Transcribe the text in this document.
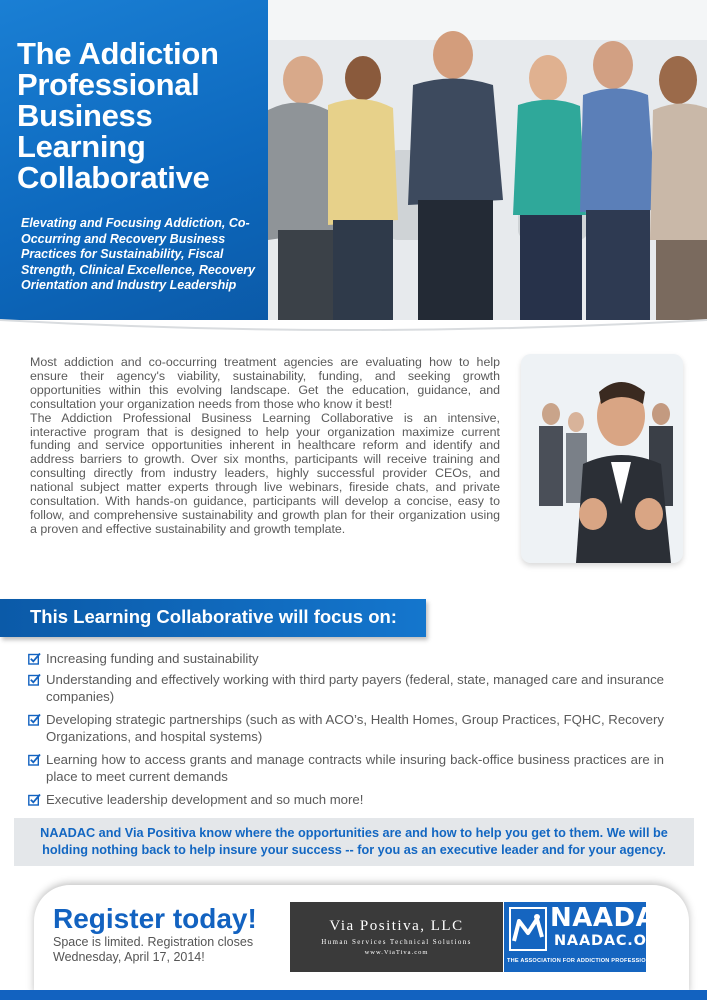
The Addiction Professional Business Learning Collaborative
Elevating and Focusing Addiction, Co-Occurring and Recovery Business Practices for Sustainability, Fiscal Strength, Clinical Excellence, Recovery Orientation and Industry Leadership

Most addiction and co-occurring treatment agencies are evaluating how to help ensure their agency's viability, sustainability, funding, and seeking growth opportunities within this evolving landscape. Get the education, guidance, and consultation your organization needs from those who know it best!

The Addiction Professional Business Learning Collaborative is an intensive, interactive program that is designed to help your organization maximize current funding and service opportunities inherent in healthcare reform and identify and address barriers to growth. Over six months, participants will receive training and consulting directly from industry leaders, highly successful provider CEOs, and national subject matter experts through live webinars, fireside chats, and private consultation. With hands-on guidance, participants will develop a concise, easy to follow, and comprehensive sustainability and growth plan for their organization using a proven and effective sustainability and growth template.

This Learning Collaborative will focus on:
Increasing funding and sustainability
Understanding and effectively working with third party payers (federal, state, managed care and insurance companies)
Developing strategic partnerships (such as with ACO’s, Health Homes, Group Practices, FQHC, Recovery Organizations, and hospital systems)
Learning how to access grants and manage contracts while insuring back-office business practices are in place to meet current demands
Executive leadership development and so much more!
NAADAC and Via Positiva know where the opportunities are and how to help you get to them. We will be holding nothing back to help insure your success -- for you as an executive leader and for your agency.
Register today!
Space is limited. Registration closes Wednesday, April 17, 2014!
Via Positiva, LLC
Human Services Technical Solutions
www.ViaTiva.com
NAADAC
NAADAC.ORG
THE ASSOCIATION FOR ADDICTION PROFESSIONALS
